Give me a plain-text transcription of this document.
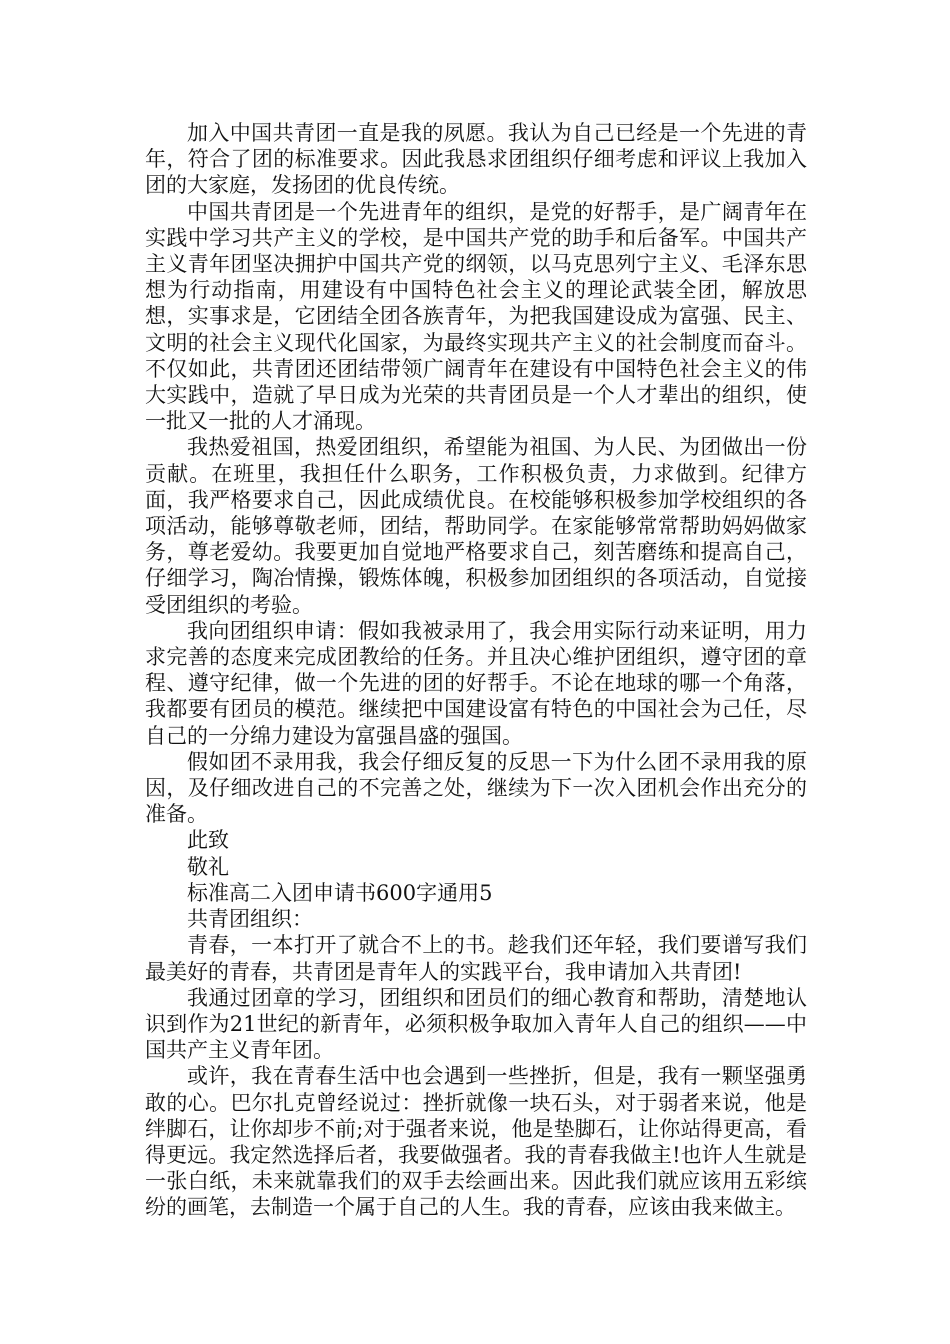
加入中国共青团一直是我的夙愿。我认为自己已经是一个先进的青年，符合了团的标准要求。因此我恳求团组织仔细考虑和评议上我加入团的大家庭，发扬团的优良传统。

中国共青团是一个先进青年的组织，是党的好帮手，是广阔青年在实践中学习共产主义的学校，是中国共产党的助手和后备军。中国共产主义青年团坚决拥护中国共产党的纲领，以马克思列宁主义、毛泽东思想为行动指南，用建设有中国特色社会主义的理论武装全团，解放思想，实事求是，它团结全团各族青年，为把我国建设成为富强、民主、文明的社会主义现代化国家，为最终实现共产主义的社会制度而奋斗。不仅如此，共青团还团结带领广阔青年在建设有中国特色社会主义的伟大实践中，造就了早日成为光荣的共青团员是一个人才辈出的组织，使一批又一批的人才涌现。

我热爱祖国，热爱团组织，希望能为祖国、为人民、为团做出一份贡献。在班里，我担任什么职务，工作积极负责，力求做到。纪律方面，我严格要求自己，因此成绩优良。在校能够积极参加学校组织的各项活动，能够尊敬老师，团结，帮助同学。在家能够常常帮助妈妈做家务，尊老爱幼。我要更加自觉地严格要求自己，刻苦磨练和提高自己，仔细学习，陶冶情操，锻炼体魄，积极参加团组织的各项活动，自觉接受团组织的考验。

我向团组织申请：假如我被录用了，我会用实际行动来证明，用力求完善的态度来完成团教给的任务。并且决心维护团组织，遵守团的章程、遵守纪律，做一个先进的团的好帮手。不论在地球的哪一个角落，我都要有团员的模范。继续把中国建设富有特色的中国社会为己任，尽自己的一分绵力建设为富强昌盛的强国。

假如团不录用我，我会仔细反复的反思一下为什么团不录用我的原因，及仔细改进自己的不完善之处，继续为下一次入团机会作出充分的准备。

此致

敬礼

标准高二入团申请书600字通用5

共青团组织：

青春，一本打开了就合不上的书。趁我们还年轻，我们要谱写我们最美好的青春，共青团是青年人的实践平台，我申请加入共青团!

我通过团章的学习，团组织和团员们的细心教育和帮助，清楚地认识到作为21世纪的新青年，必须积极争取加入青年人自己的组织——中国共产主义青年团。

或许，我在青春生活中也会遇到一些挫折，但是，我有一颗坚强勇敢的心。巴尔扎克曾经说过：挫折就像一块石头，对于弱者来说，他是绊脚石，让你却步不前;对于强者来说，他是垫脚石，让你站得更高，看得更远。我定然选择后者，我要做强者。我的青春我做主!也许人生就是一张白纸，未来就靠我们的双手去绘画出来。因此我们就应该用五彩缤纷的画笔，去制造一个属于自己的人生。我的青春，应该由我来做主。
